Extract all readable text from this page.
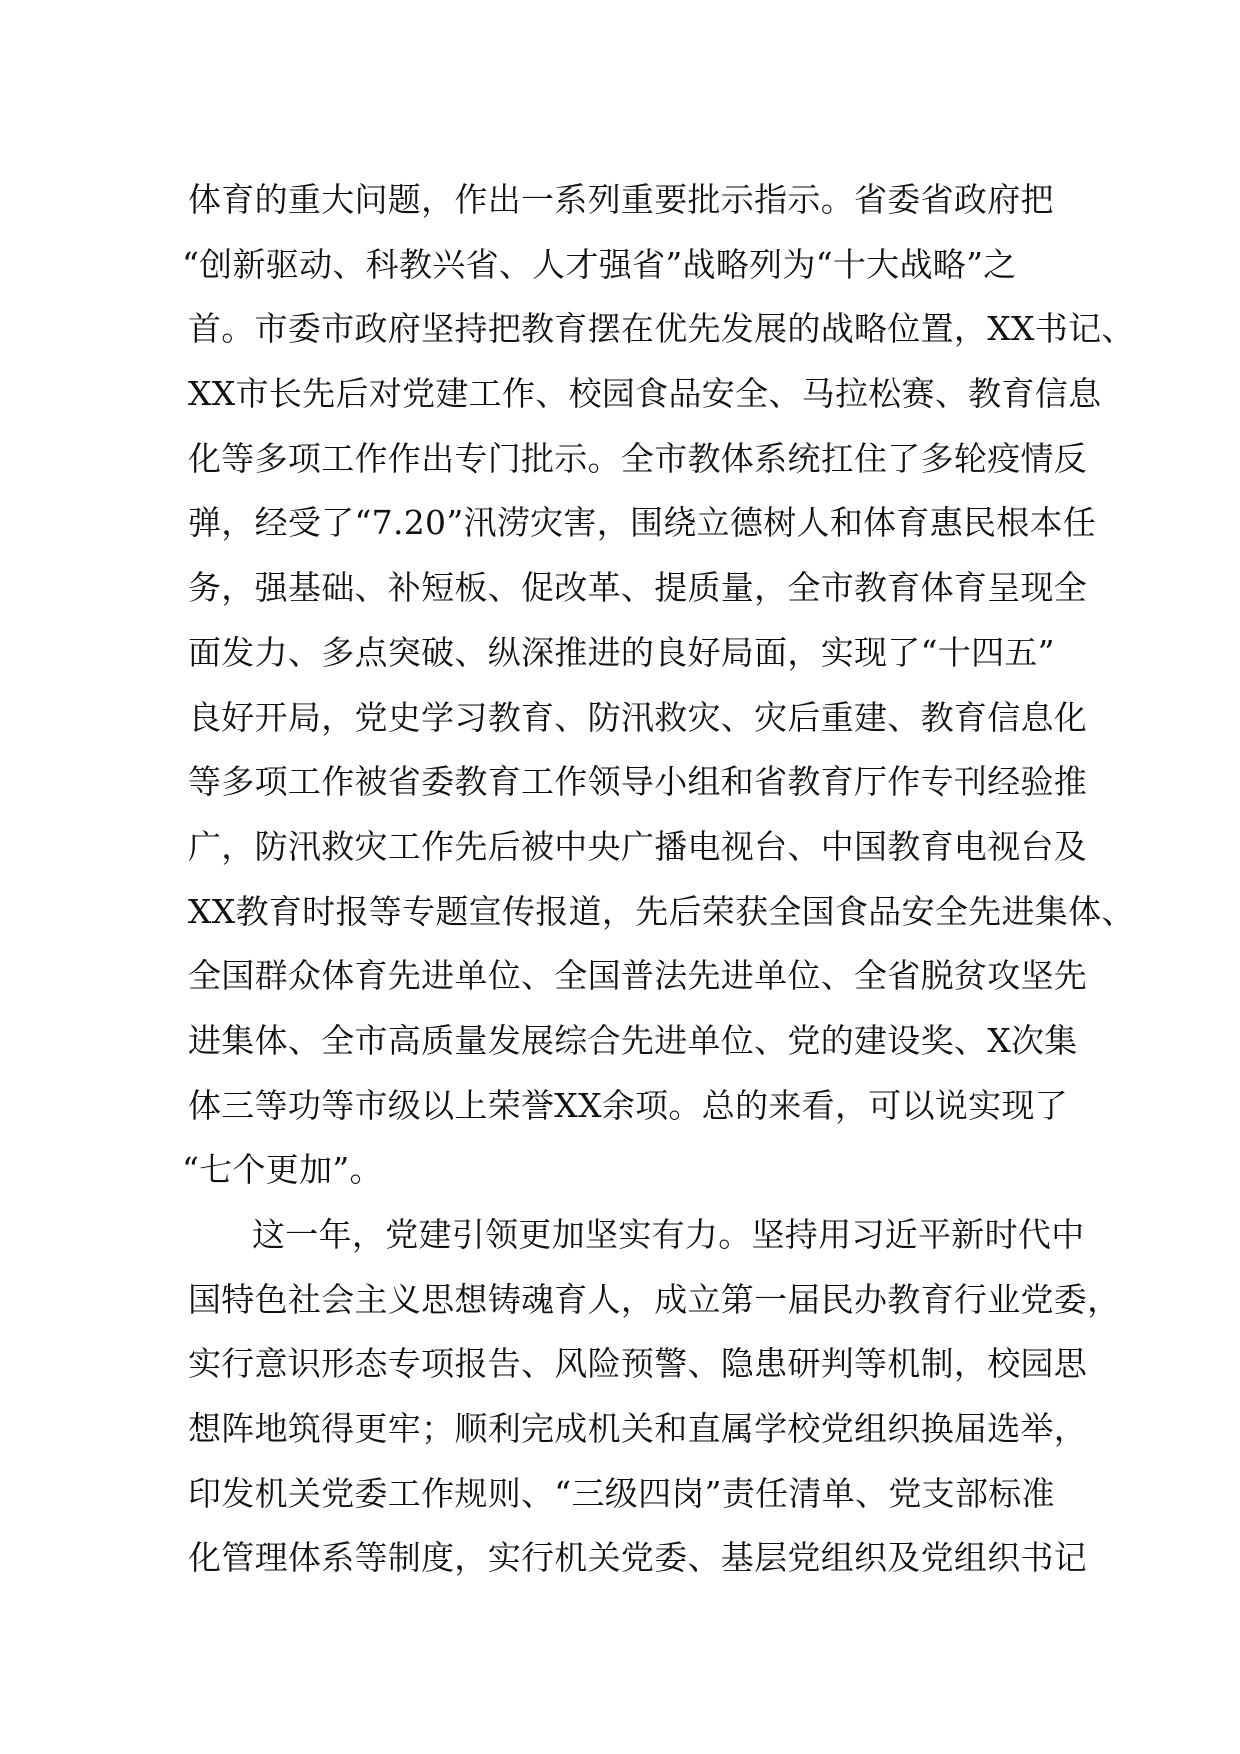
体育的重大问题，作出一系列重要批示指示。省委省政府把
“创新驱动、科教兴省、人才强省”战略列为“十大战略”之
首。市委市政府坚持把教育摆在优先发展的战略位置，XX书记、
XX市长先后对党建工作、校园食品安全、马拉松赛、教育信息
化等多项工作作出专门批示。全市教体系统扛住了多轮疫情反
弹，经受了“7.20”汛涝灾害，围绕立德树人和体育惠民根本任
务，强基础、补短板、促改革、提质量，全市教育体育呈现全
面发力、多点突破、纵深推进的良好局面，实现了“十四五”
良好开局，党史学习教育、防汛救灾、灾后重建、教育信息化
等多项工作被省委教育工作领导小组和省教育厅作专刊经验推
广，防汛救灾工作先后被中央广播电视台、中国教育电视台及
XX教育时报等专题宣传报道，先后荣获全国食品安全先进集体、
全国群众体育先进单位、全国普法先进单位、全省脱贫攻坚先
进集体、全市高质量发展综合先进单位、党的建设奖、X次集
体三等功等市级以上荣誉XX余项。总的来看，可以说实现了
“七个更加”。
这一年，党建引领更加坚实有力。坚持用习近平新时代中
国特色社会主义思想铸魂育人，成立第一届民办教育行业党委，
实行意识形态专项报告、风险预警、隐患研判等机制，校园思
想阵地筑得更牢；顺利完成机关和直属学校党组织换届选举，
印发机关党委工作规则、“三级四岗”责任清单、党支部标准
化管理体系等制度，实行机关党委、基层党组织及党组织书记
